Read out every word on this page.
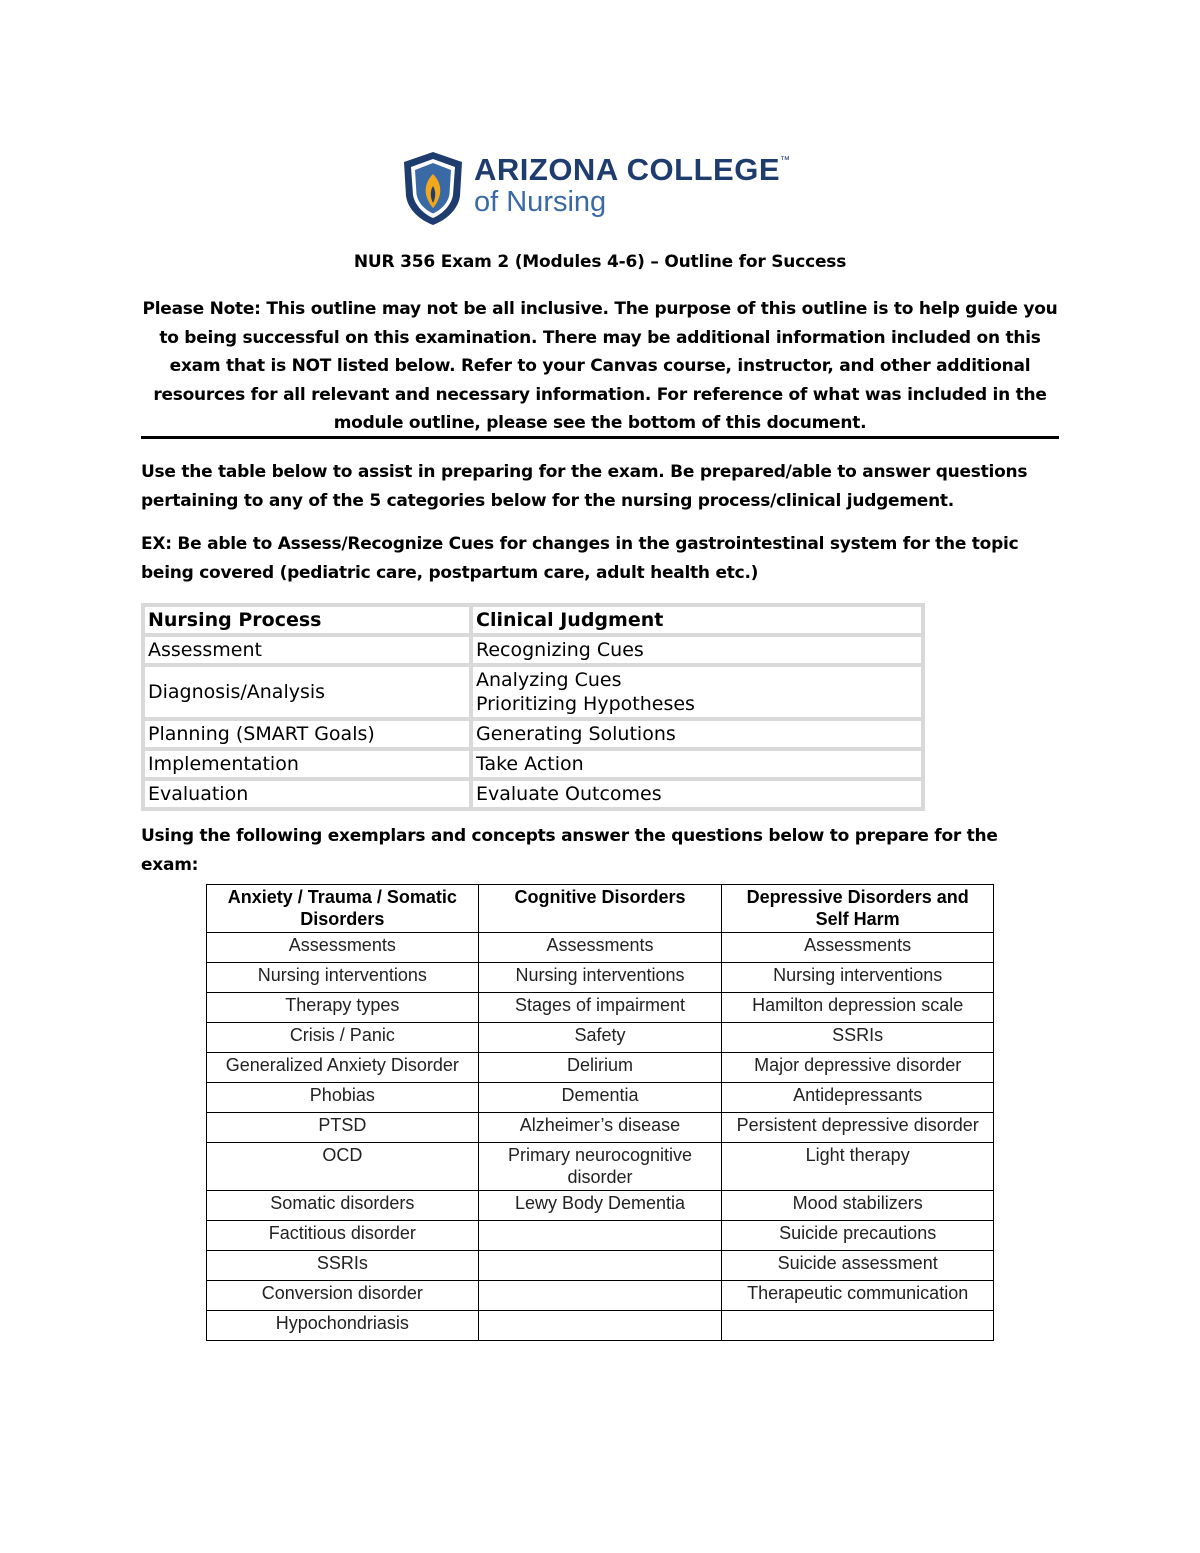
ARIZONA COLLEGE™
of Nursing
NUR 356 Exam 2 (Modules 4-6) – Outline for Success
Please Note: This outline may not be all inclusive. The purpose of this outline is to help guide you to being successful on this examination. There may be additional information included on this exam that is NOT listed below. Refer to your Canvas course, instructor, and other additional resources for all relevant and necessary information. For reference of what was included in the module outline, please see the bottom of this document.
Use the table below to assist in preparing for the exam. Be prepared/able to answer questions pertaining to any of the 5 categories below for the nursing process/clinical judgement.
EX: Be able to Assess/Recognize Cues for changes in the gastrointestinal system for the topic being covered (pediatric care, postpartum care, adult health etc.)
Nursing Process	Clinical Judgment
Assessment	Recognizing Cues
Diagnosis/Analysis	Analyzing Cues
Prioritizing Hypotheses

Planning (SMART Goals)	Generating Solutions
Implementation	Take Action
Evaluation	Evaluate Outcomes
Using the following exemplars and concepts answer the questions below to prepare for the exam:
Anxiety / Trauma / Somatic Disorders	Cognitive Disorders	Depressive Disorders and Self Harm
Assessments	Assessments	Assessments
Nursing interventions	Nursing interventions	Nursing interventions
Therapy types	Stages of impairment	Hamilton depression scale
Crisis / Panic	Safety	SSRIs
Generalized Anxiety Disorder	Delirium	Major depressive disorder
Phobias	Dementia	Antidepressants
PTSD	Alzheimer’s disease	Persistent depressive disorder
OCD	Primary neurocognitive disorder	Light therapy
Somatic disorders	Lewy Body Dementia	Mood stabilizers
Factitious disorder		Suicide precautions
SSRIs		Suicide assessment
Conversion disorder		Therapeutic communication
Hypochondriasis		
